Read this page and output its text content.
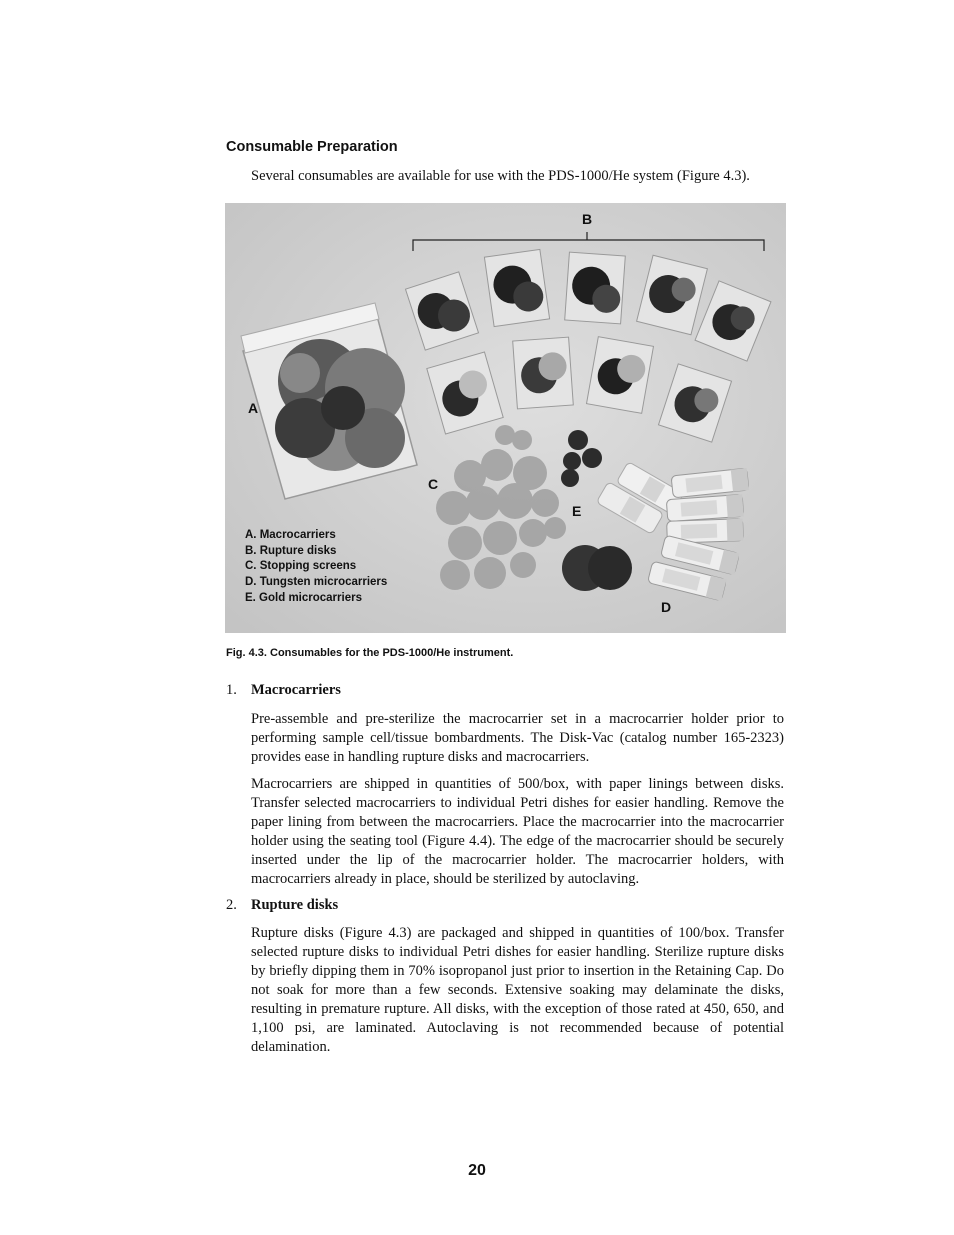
Consumable Preparation
Several consumables are available for use with the PDS-1000/He system (Figure 4.3).
B
A
C
E
D
A. Macrocarriers
B. Rupture disks
C. Stopping screens
D. Tungsten microcarriers
E. Gold microcarriers
Fig. 4.3. Consumables for the PDS-1000/He instrument.
1. Macrocarriers
Pre-assemble and pre-sterilize the macrocarrier set in a macrocarrier holder prior to performing sample cell/tissue bombardments. The Disk-Vac (catalog number 165-2323) provides ease in handling rupture disks and macrocarriers.
Macrocarriers are shipped in quantities of 500/box, with paper linings between disks. Transfer selected macrocarriers to individual Petri dishes for easier handling. Remove the paper lining from between the macrocarriers. Place the macrocarrier into the macrocarrier holder using the seating tool (Figure 4.4). The edge of the macrocarrier should be securely inserted under the lip of the macrocarrier holder. The macrocarrier holders, with macrocarriers already in place, should be sterilized by autoclaving.
2. Rupture disks
Rupture disks (Figure 4.3) are packaged and shipped in quantities of 100/box. Transfer selected rupture disks to individual Petri dishes for easier handling. Sterilize rupture disks by briefly dipping them in 70% isopropanol just prior to insertion in the Retaining Cap. Do not soak for more than a few seconds. Extensive soaking may delaminate the disks, resulting in premature rupture. All disks, with the exception of those rated at 450, 650, and 1,100 psi, are laminated. Autoclaving is not recommended because of potential delamination.
20
